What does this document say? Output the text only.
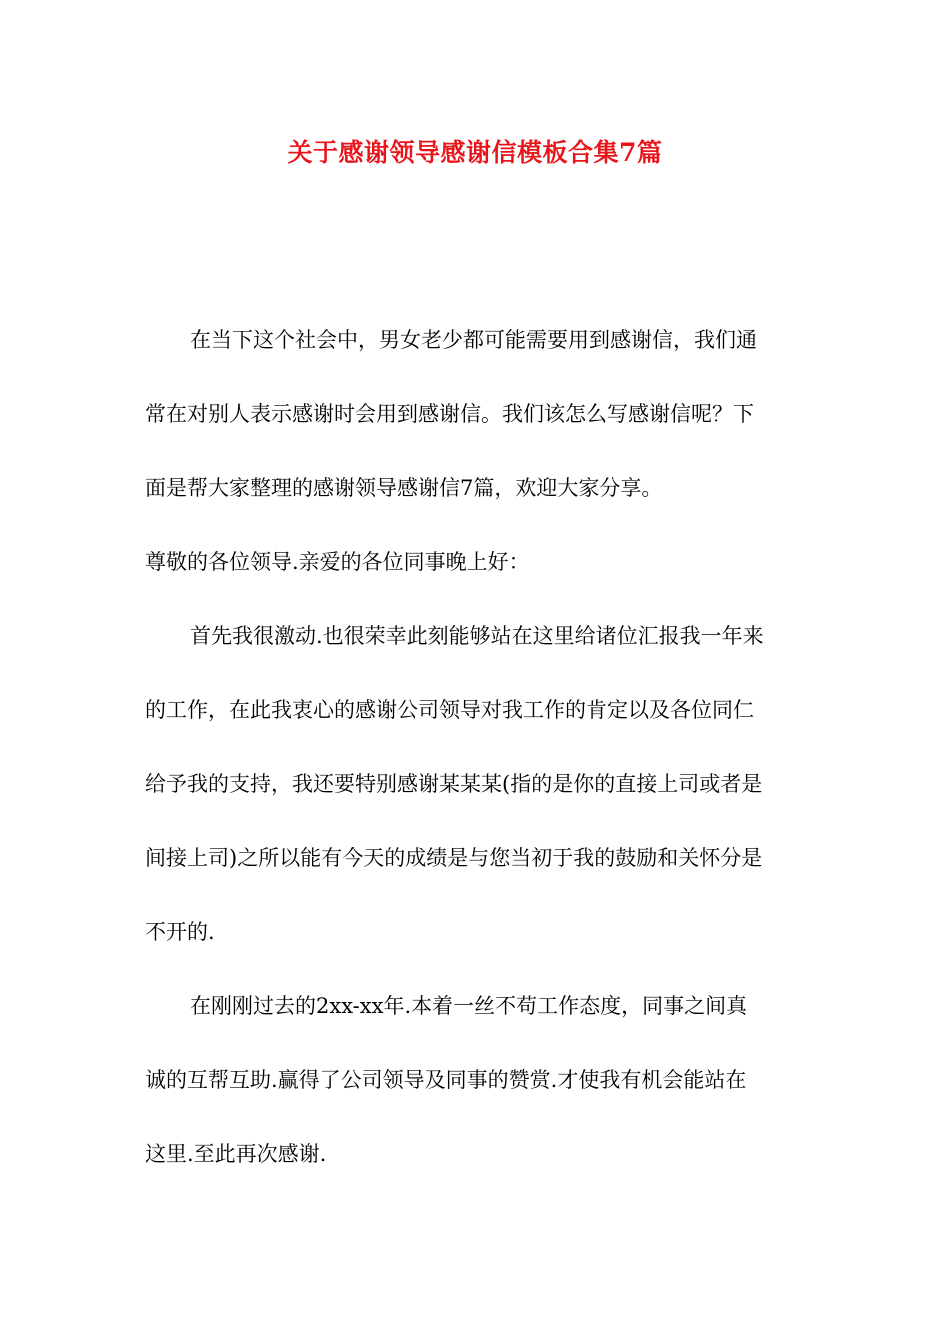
关于感谢领导感谢信模板合集7篇
在当下这个社会中，男女老少都可能需要用到感谢信，我们通
常在对别人表示感谢时会用到感谢信。我们该怎么写感谢信呢？下
面是帮大家整理的感谢领导感谢信7篇，欢迎大家分享。
尊敬的各位领导.亲爱的各位同事晚上好：
首先我很激动.也很荣幸此刻能够站在这里给诸位汇报我一年来
的工作，在此我衷心的感谢公司领导对我工作的肯定以及各位同仁
给予我的支持，我还要特别感谢某某某(指的是你的直接上司或者是
间接上司)之所以能有今天的成绩是与您当初于我的鼓励和关怀分是
不开的.
在刚刚过去的2xx-xx年.本着一丝不苟工作态度，同事之间真
诚的互帮互助.赢得了公司领导及同事的赞赏.才使我有机会能站在
这里.至此再次感谢.
